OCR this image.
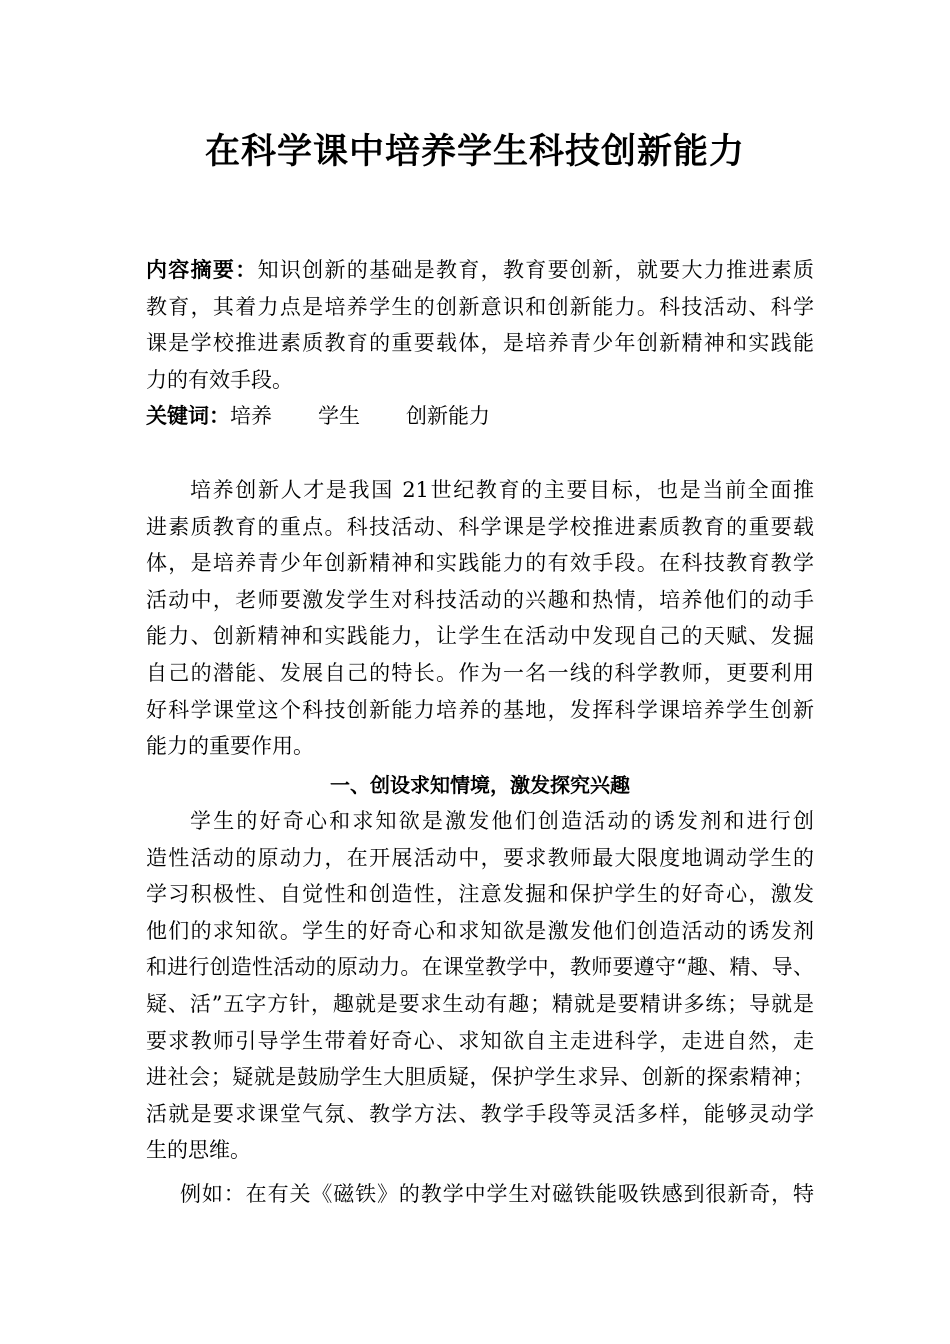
在科学课中培养学生科技创新能力
内容摘要：知识创新的基础是教育，教育要创新，就要大力推进素质
教育，其着力点是培养学生的创新意识和创新能力。科技活动、科学
课是学校推进素质教育的重要载体，是培养青少年创新精神和实践能
力的有效手段。
关键词：培养 学生 创新能力
培养创新人才是我国 21世纪教育的主要目标，也是当前全面推
进素质教育的重点。科技活动、科学课是学校推进素质教育的重要载
体，是培养青少年创新精神和实践能力的有效手段。在科技教育教学
活动中，老师要激发学生对科技活动的兴趣和热情，培养他们的动手
能力、创新精神和实践能力，让学生在活动中发现自己的天赋、发掘
自己的潜能、发展自己的特长。作为一名一线的科学教师，更要利用
好科学课堂这个科技创新能力培养的基地，发挥科学课培养学生创新
能力的重要作用。
一、创设求知情境，激发探究兴趣
学生的好奇心和求知欲是激发他们创造活动的诱发剂和进行创
造性活动的原动力，在开展活动中，要求教师最大限度地调动学生的
学习积极性、自觉性和创造性，注意发掘和保护学生的好奇心，激发
他们的求知欲。学生的好奇心和求知欲是激发他们创造活动的诱发剂
和进行创造性活动的原动力。在课堂教学中，教师要遵守“趣、精、导、
疑、活”五字方针，趣就是要求生动有趣；精就是要精讲多练；导就是
要求教师引导学生带着好奇心、求知欲自主走进科学，走进自然，走
进社会；疑就是鼓励学生大胆质疑，保护学生求异、创新的探索精神；
活就是要求课堂气氛、教学方法、教学手段等灵活多样，能够灵动学
生的思维。
例如：在有关《磁铁》的教学中学生对磁铁能吸铁感到很新奇，特
